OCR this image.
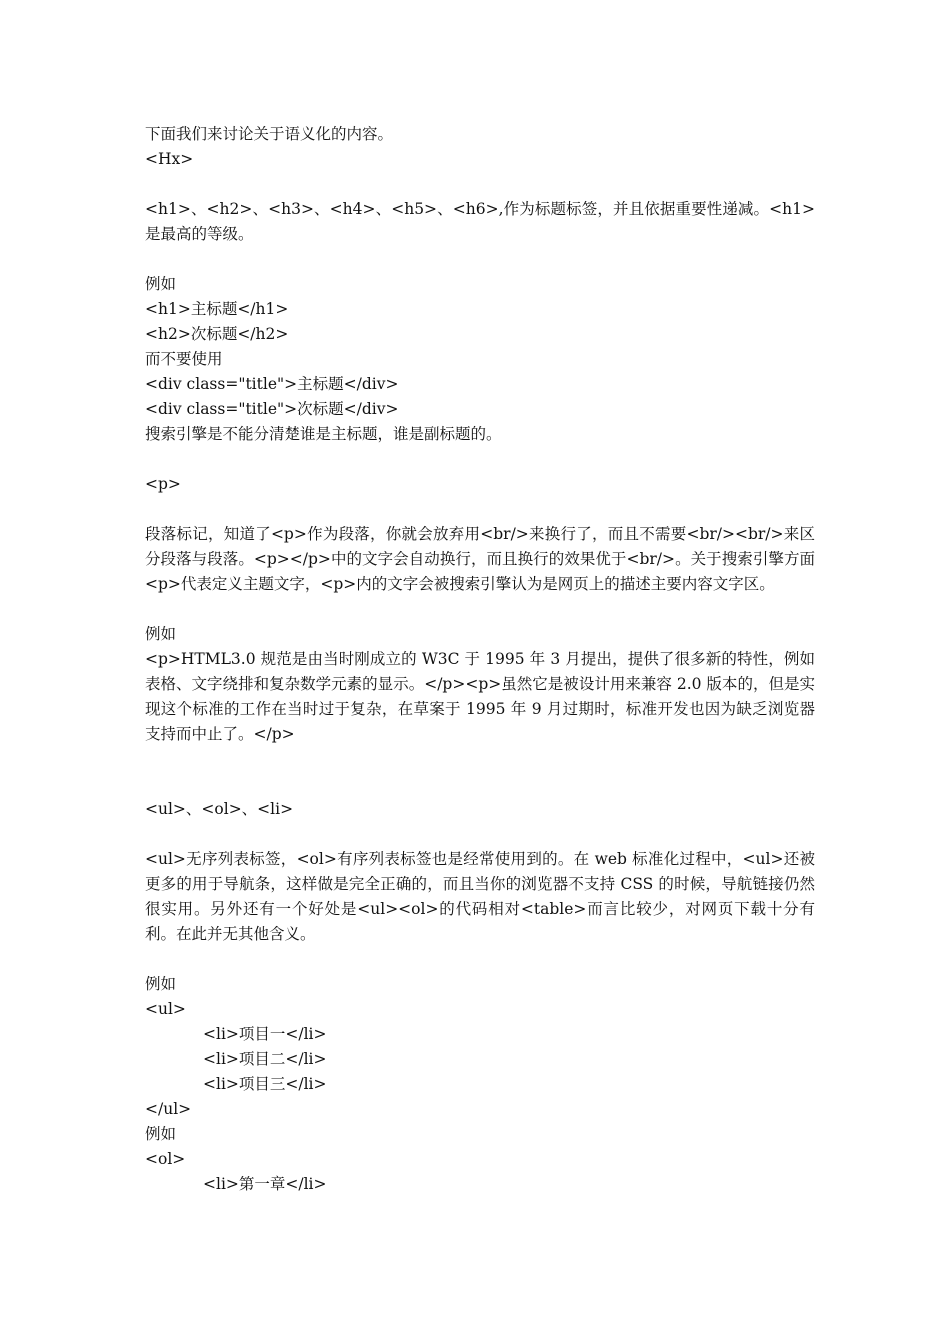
下面我们来讨论关于语义化的内容。
<Hx>
<h1>、<h2>、<h3>、<h4>、<h5>、<h6>,作为标题标签，并且依据重要性递减。<h1>是最高的等级。
例如
<h1>主标题</h1>
<h2>次标题</h2>
而不要使用
<div class="title">主标题</div>
<div class="title">次标题</div>
搜索引擎是不能分清楚谁是主标题，谁是副标题的。
<p>
段落标记，知道了<p>作为段落，你就会放弃用<br/>来换行了，而且不需要<br/><br/>来区分段落与段落。<p></p>中的文字会自动换行，而且换行的效果优于<br/>。关于搜索引擎方面<p>代表定义主题文字，<p>内的文字会被搜索引擎认为是网页上的描述主要内容文字区。
例如
<p>HTML3.0 规范是由当时刚成立的 W3C 于 1995 年 3 月提出，提供了很多新的特性，例如表格、文字绕排和复杂数学元素的显示。</p><p>虽然它是被设计用来兼容 2.0 版本的，但是实现这个标准的工作在当时过于复杂，在草案于 1995 年 9 月过期时，标准开发也因为缺乏浏览器支持而中止了。</p>
<ul>、<ol>、<li>
<ul>无序列表标签，<ol>有序列表标签也是经常使用到的。在 web 标准化过程中，<ul>还被更多的用于导航条，这样做是完全正确的，而且当你的浏览器不支持 CSS 的时候，导航链接仍然很实用。另外还有一个好处是<ul><ol>的代码相对<table>而言比较少，对网页下载十分有利。在此并无其他含义。
例如
<ul>
<li>项目一</li>
<li>项目二</li>
<li>项目三</li>
</ul>
例如
<ol>
<li>第一章</li>
